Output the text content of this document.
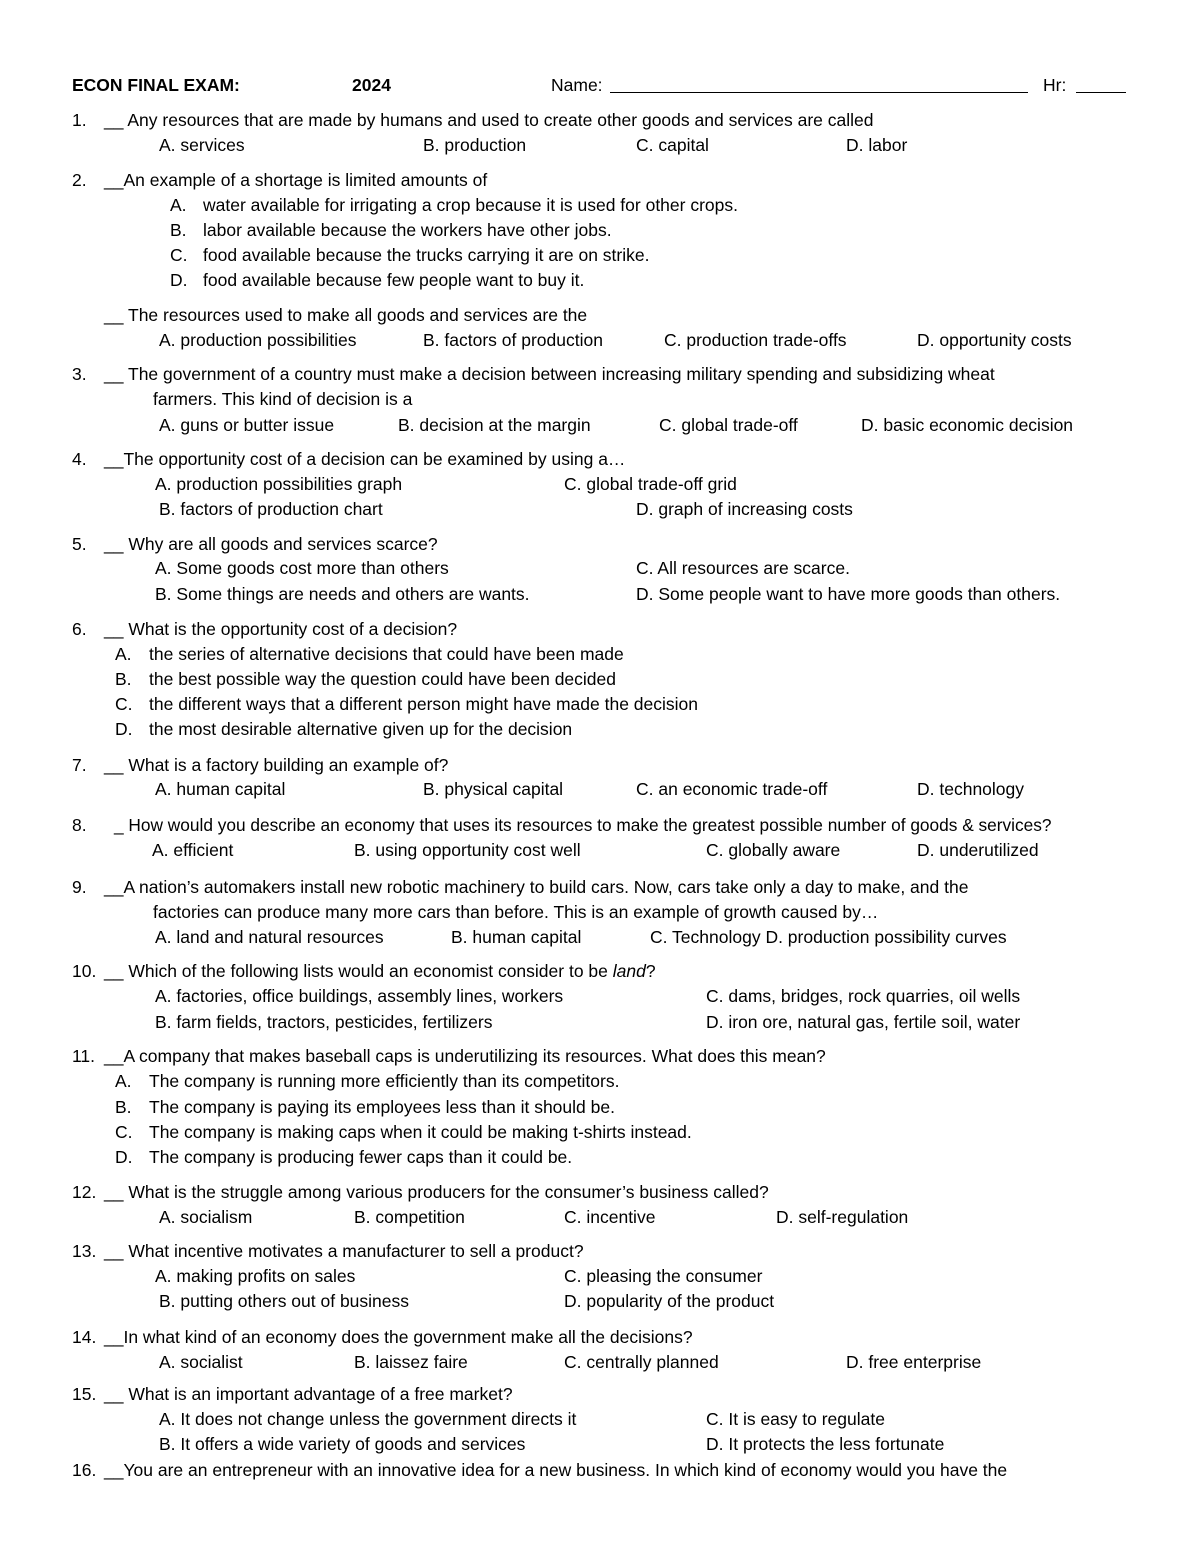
ECON FINAL EXAM:	2024	Name:	Hr:
1. __ Any resources that are made by humans and used to create other goods and services are called
A. services	B. production	C. capital	D. labor
2. __An example of a shortage is limited amounts of
A. water available for irrigating a crop because it is used for other crops.
B. labor available because the workers have other jobs.
C. food available because the trucks carrying it are on strike.
D. food available because few people want to buy it.
__ The resources used to make all goods and services are the
A. production possibilities	B. factors of production	C. production trade-offs	D. opportunity costs
3. __ The government of a country must make a decision between increasing military spending and subsidizing wheat
farmers. This kind of decision is a
A. guns or butter issue	B. decision at the margin	C. global trade-off	D. basic economic decision
4. __The opportunity cost of a decision can be examined by using a…
A. production possibilities graph	C. global trade-off grid
B. factors of production chart	D. graph of increasing costs
5. __ Why are all goods and services scarce?
A. Some goods cost more than others	C. All resources are scarce.
B. Some things are needs and others are wants.	D. Some people want to have more goods than others.
6. __ What is the opportunity cost of a decision?
A. the series of alternative decisions that could have been made
B. the best possible way the question could have been decided
C. the different ways that a different person might have made the decision
D. the most desirable alternative given up for the decision
7. __ What is a factory building an example of?
A. human capital	B. physical capital	C. an economic trade-off	D. technology
8. _ How would you describe an economy that uses its resources to make the greatest possible number of goods & services?
A. efficient	B. using opportunity cost well	C. globally aware	D. underutilized
9. __A nation’s automakers install new robotic machinery to build cars. Now, cars take only a day to make, and the
factories can produce many more cars than before. This is an example of growth caused by…
A. land and natural resources	B. human capital	C. Technology D. production possibility curves
10. __ Which of the following lists would an economist consider to be land?
A. factories, office buildings, assembly lines, workers	C. dams, bridges, rock quarries, oil wells
B. farm fields, tractors, pesticides, fertilizers	D. iron ore, natural gas, fertile soil, water
11. __A company that makes baseball caps is underutilizing its resources. What does this mean?
A. The company is running more efficiently than its competitors.
B. The company is paying its employees less than it should be.
C. The company is making caps when it could be making t-shirts instead.
D. The company is producing fewer caps than it could be.
12. __ What is the struggle among various producers for the consumer’s business called?
A. socialism	B. competition	C. incentive	D. self-regulation
13. __ What incentive motivates a manufacturer to sell a product?
A. making profits on sales	C. pleasing the consumer
B. putting others out of business	D. popularity of the product
14. __In what kind of an economy does the government make all the decisions?
A. socialist	B. laissez faire	C. centrally planned	D. free enterprise
15. __ What is an important advantage of a free market?
A. It does not change unless the government directs it	C. It is easy to regulate
B. It offers a wide variety of goods and services	D. It protects the less fortunate
16. __You are an entrepreneur with an innovative idea for a new business. In which kind of economy would you have the
